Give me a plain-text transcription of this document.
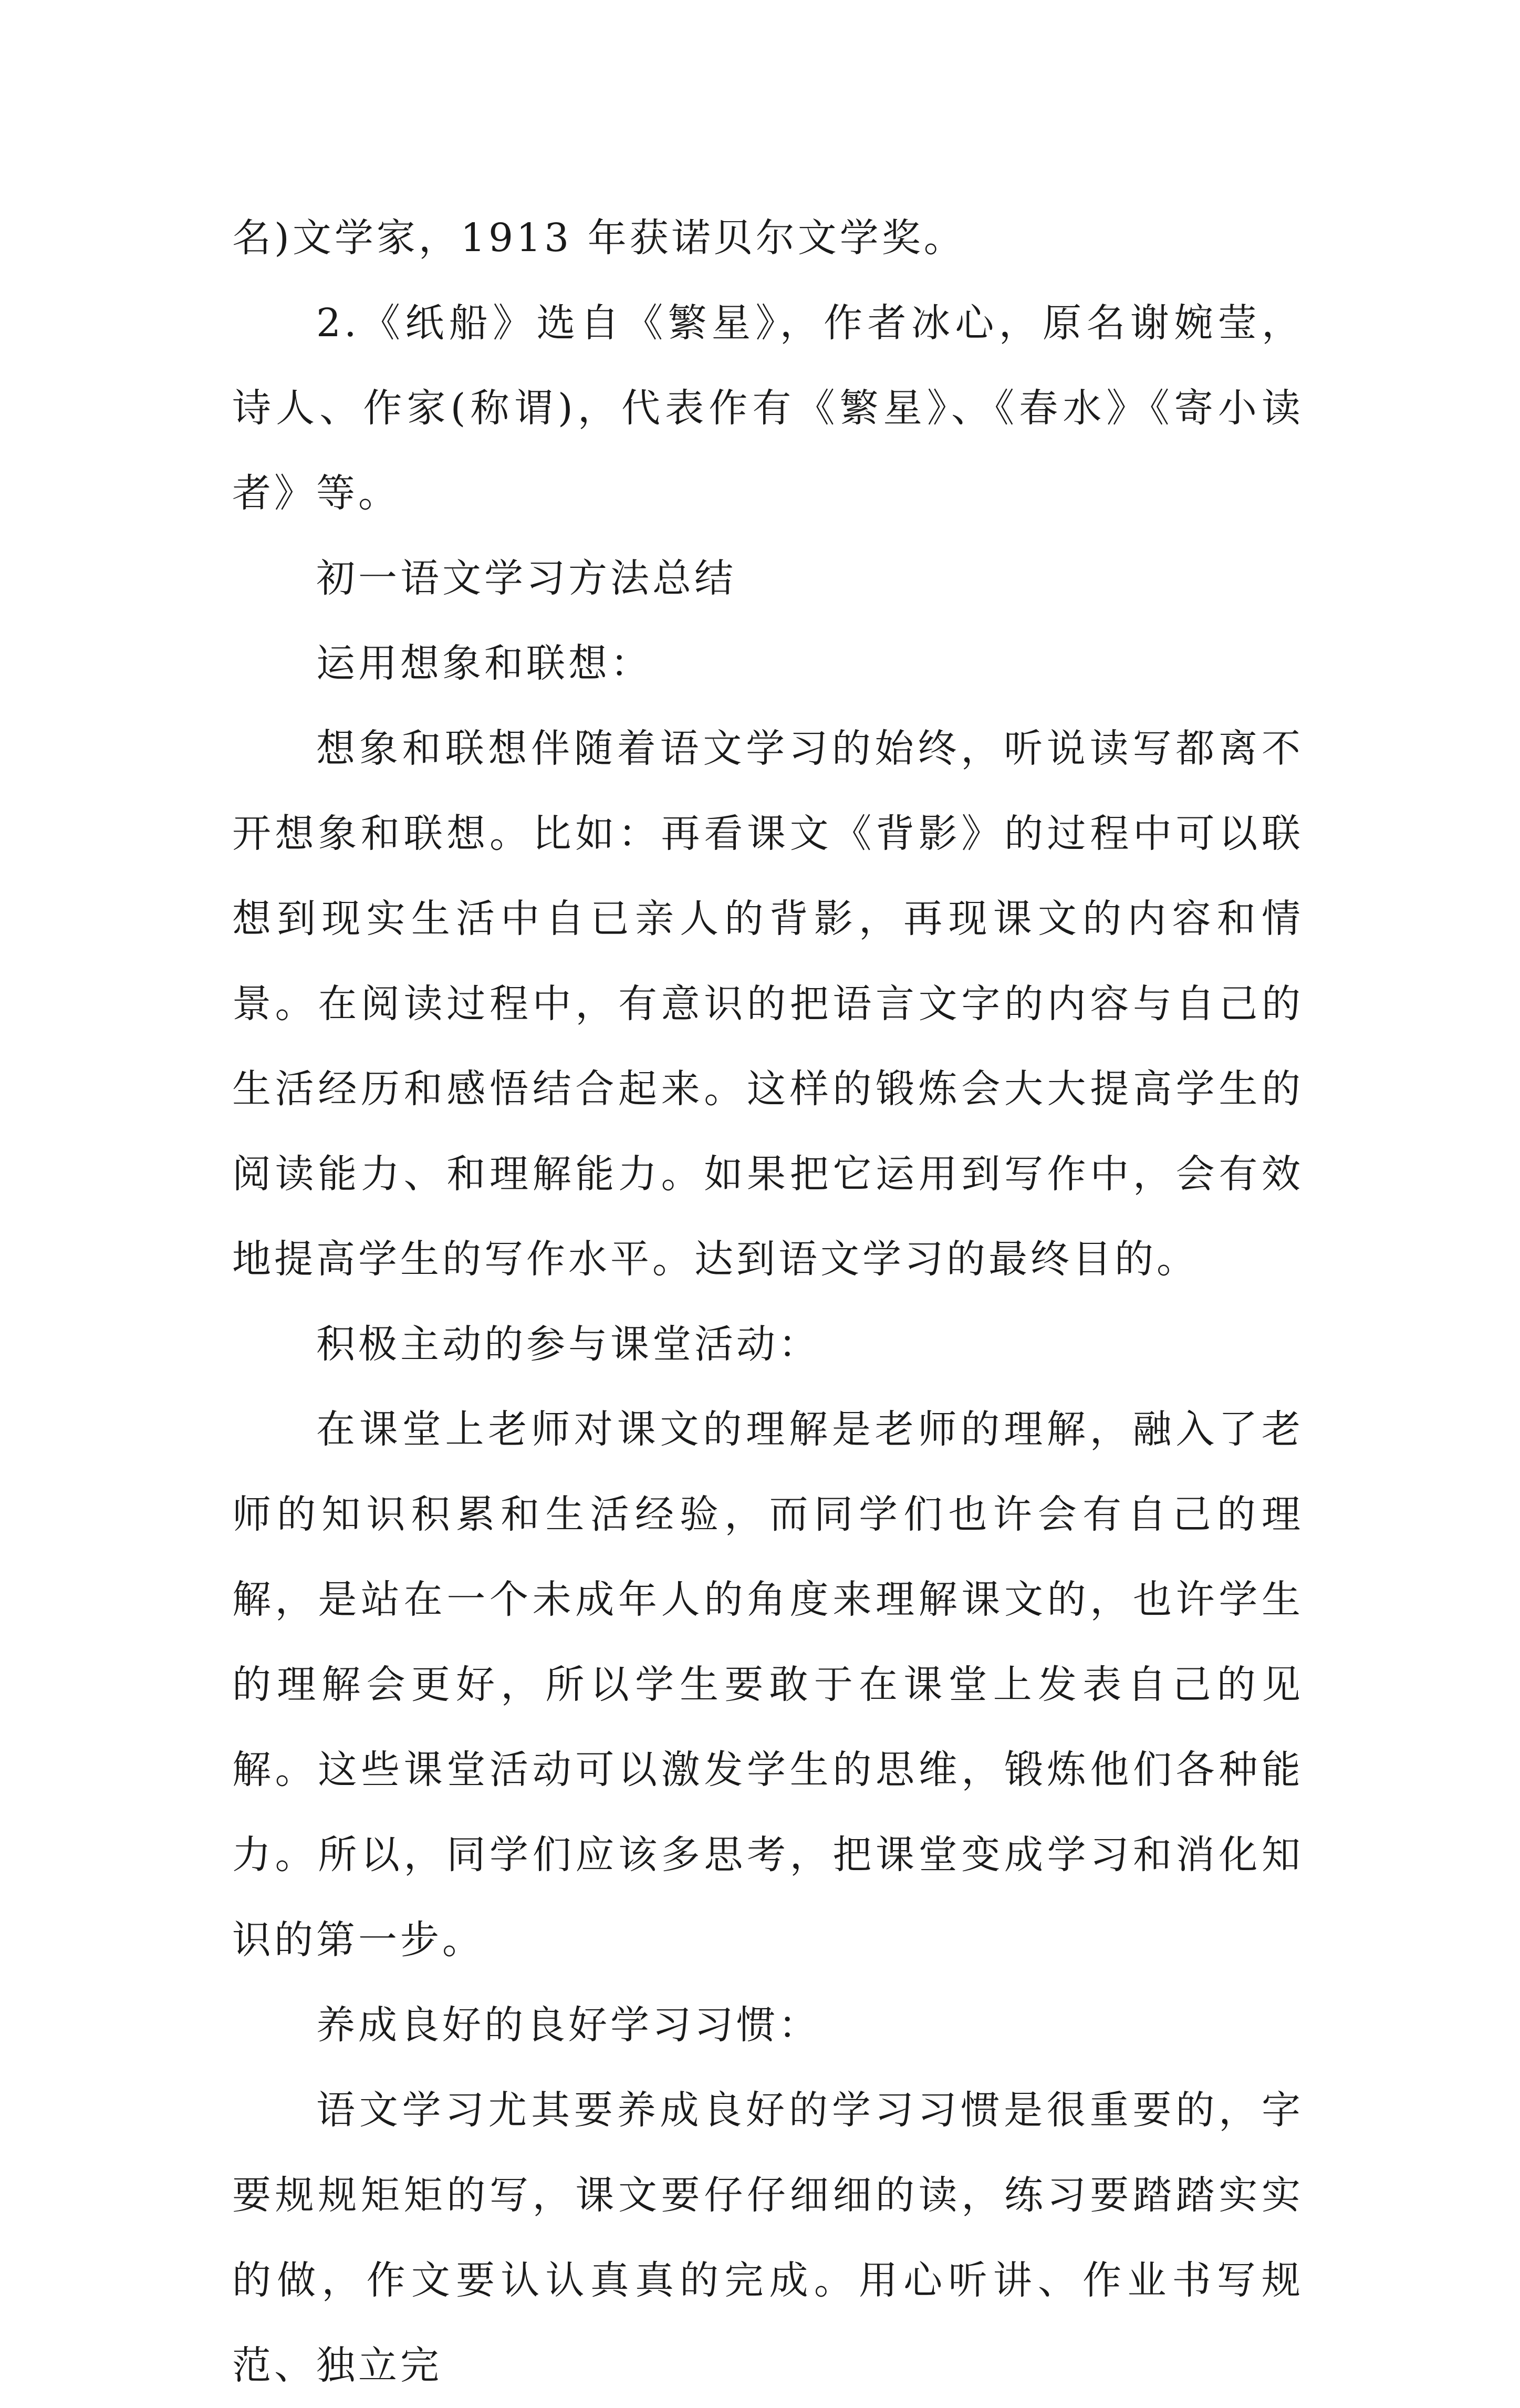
名)文学家，1913 年获诺贝尔文学奖。

2.《纸船》选自《繁星》，作者冰心，原名谢婉莹，诗人、作家(称谓)，代表作有《繁星》、《春水》《寄小读者》等。

初一语文学习方法总结

运用想象和联想：

想象和联想伴随着语文学习的始终，听说读写都离不开想象和联想。比如：再看课文《背影》的过程中可以联想到现实生活中自已亲人的背影，再现课文的内容和情景。在阅读过程中，有意识的把语言文字的内容与自己的生活经历和感悟结合起来。这样的锻炼会大大提高学生的阅读能力、和理解能力。如果把它运用到写作中，会有效地提高学生的写作水平。达到语文学习的最终目的。

积极主动的参与课堂活动：

在课堂上老师对课文的理解是老师的理解，融入了老师的知识积累和生活经验，而同学们也许会有自己的理解，是站在一个未成年人的角度来理解课文的，也许学生的理解会更好，所以学生要敢于在课堂上发表自己的见解。这些课堂活动可以激发学生的思维，锻炼他们各种能力。所以，同学们应该多思考，把课堂变成学习和消化知识的第一步。

养成良好的良好学习习惯：

语文学习尤其要养成良好的学习习惯是很重要的，字要规规矩矩的写，课文要仔仔细细的读，练习要踏踏实实的做，作文要认认真真的完成。用心听讲、作业书写规范、独立完
